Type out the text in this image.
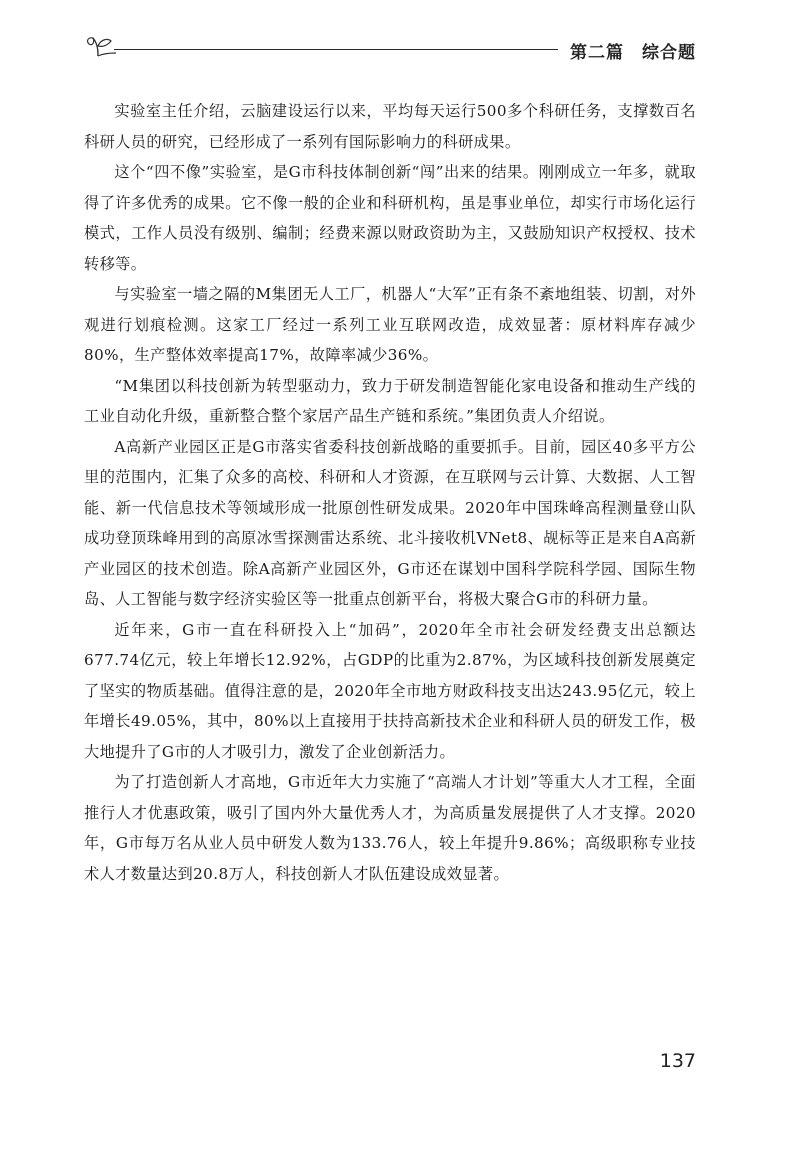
第二篇 综合题

实验室主任介绍，云脑建设运行以来，平均每天运行500多个科研任务，支撑数百名科研人员的研究，已经形成了一系列有国际影响力的科研成果。

这个“四不像”实验室，是G市科技体制创新“闯”出来的结果。刚刚成立一年多，就取得了许多优秀的成果。它不像一般的企业和科研机构，虽是事业单位，却实行市场化运行模式，工作人员没有级别、编制；经费来源以财政资助为主，又鼓励知识产权授权、技术转移等。

与实验室一墙之隔的M集团无人工厂，机器人“大军”正有条不紊地组装、切割，对外观进行划痕检测。这家工厂经过一系列工业互联网改造，成效显著：原材料库存减少80%，生产整体效率提高17%，故障率减少36%。

“M集团以科技创新为转型驱动力，致力于研发制造智能化家电设备和推动生产线的工业自动化升级，重新整合整个家居产品生产链和系统。”集团负责人介绍说。

A高新产业园区正是G市落实省委科技创新战略的重要抓手。目前，园区40多平方公里的范围内，汇集了众多的高校、科研和人才资源，在互联网与云计算、大数据、人工智能、新一代信息技术等领域形成一批原创性研发成果。2020年中国珠峰高程测量登山队成功登顶珠峰用到的高原冰雪探测雷达系统、北斗接收机VNet8、觇标等正是来自A高新产业园区的技术创造。除A高新产业园区外，G市还在谋划中国科学院科学园、国际生物岛、人工智能与数字经济实验区等一批重点创新平台，将极大聚合G市的科研力量。

近年来，G市一直在科研投入上“加码”，2020年全市社会研发经费支出总额达677.74亿元，较上年增长12.92%，占GDP的比重为2.87%，为区域科技创新发展奠定了坚实的物质基础。值得注意的是，2020年全市地方财政科技支出达243.95亿元，较上年增长49.05%，其中，80%以上直接用于扶持高新技术企业和科研人员的研发工作，极大地提升了G市的人才吸引力，激发了企业创新活力。

为了打造创新人才高地，G市近年大力实施了“高端人才计划”等重大人才工程，全面推行人才优惠政策，吸引了国内外大量优秀人才，为高质量发展提供了人才支撑。2020年，G市每万名从业人员中研发人数为133.76人，较上年提升9.86%；高级职称专业技术人才数量达到20.8万人，科技创新人才队伍建设成效显著。

137
